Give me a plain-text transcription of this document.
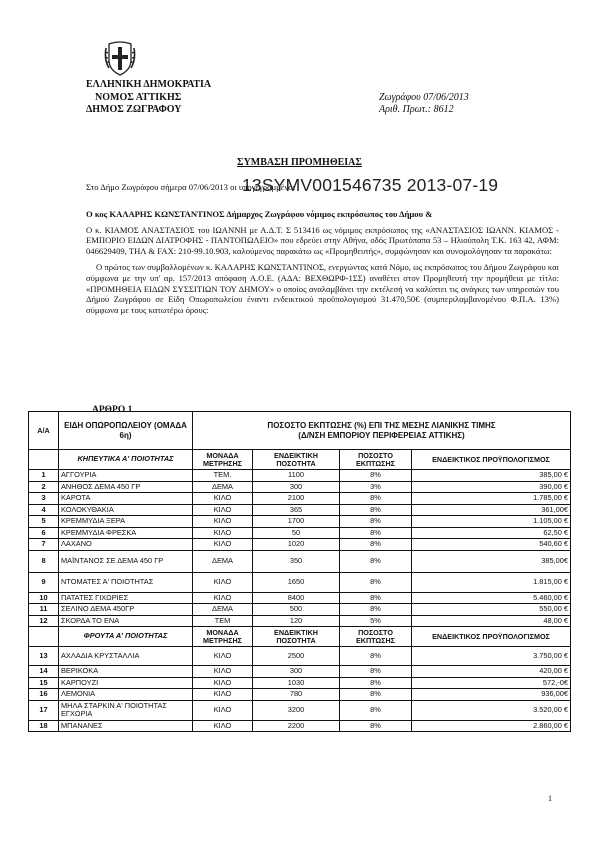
ΕΛΛΗΝΙΚΗ ΔΗΜΟΚΡΑΤΙΑ
ΝΟΜΟΣ ΑΤΤΙΚΗΣ
ΔΗΜΟΣ ΖΩΓΡΑΦΟΥ
Ζωγράφου 07/06/2013
Αριθ. Πρωτ.: 8612
ΣΥΜΒΑΣΗ ΠΡΟΜΗΘΕΙΑΣ

Στο Δήμο Ζωγράφου σήμερα 07/06/2013 οι υπογεγραμμένοι :

Ο κος ΚΑΛΑΡΗΣ ΚΩΝΣΤΑΝΤΙΝΟΣ Δήμαρχος Ζωγράφου νόμιμος εκπρόσωπος του Δήμου &

Ο κ. ΚΙΑΜΟΣ ΑΝΑΣΤΑΣΙΟΣ του ΙΩΑΝΝΗ με Α.Δ.Τ. Σ 513416 ως νόμιμος εκπρόσωπος της «ΑΝΑΣΤΑΣΙΟΣ ΙΩΑΝΝ. ΚΙΑΜΟΣ - ΕΜΠΟΡΙΟ ΕΙΔΩΝ ΔΙΑΤΡΟΦΗΣ - ΠΑΝΤΟΠΩΛΕΙΟ» που εδρεύει στην Αθήνα, οδός Πρωτόπαπα 53 – Ηλιούπολη Τ.Κ. 163 42, ΑΦΜ: 046629409, ΤΗΛ & FAX: 210-99.10.903, καλούμενος παρακάτω ως «Προμηθευτής», συμφώνησαν και συνομολόγησαν τα παρακάτω:

Ο πρώτος των συμβαλλομένων κ. ΚΑΛΑΡΗΣ ΚΩΝΣΤΑΝΤΙΝΟΣ, ενεργώντας κατά Νόμο, ως εκπρόσωπος του Δήμου Ζωγράφου και σύμφωνα με την υπ' αρ. 157/2013 απόφαση Α.Ο.Ε. (ΑΔΑ: ΒΕΧΘΩΡΦ-1ΣΣ) αναθέτει στον Προμηθευτή την προμήθεια με τίτλο: «ΠΡΟΜΗΘΕΙΑ ΕΙΔΩΝ ΣΥΣΣΙΤΙΩΝ ΤΟΥ ΔΗΜΟΥ» ο οποίος αναλαμβάνει την εκτέλεσή να καλύπτει τις ανάγκες των υπηρεσιών του Δήμου Ζωγράφου σε Είδη Οπωροπωλείου έναντι ενδεικτικού προϋπολογισμού 31.470,50€ (συμπεριλαμβανομένου Φ.Π.Α. 13%) σύμφωνα με τους κατωτέρω όρους:

13SYMV001546735 2013-07-19
ΑΡΘΡΟ 1
Α/Α	ΕΙΔΗ ΟΠΩΡΟΠΩΛΕΙΟΥ (ΟΜΑΔΑ 6η)	ΠΟΣΟΣΤΟ ΕΚΠΤΩΣΗΣ (%) ΕΠΙ ΤΗΣ ΜΕΣΗΣ ΛΙΑΝΙΚΗΣ ΤΙΜΗΣ
(Δ/ΝΣΗ ΕΜΠΟΡΙΟΥ ΠΕΡΙΦΕΡΕΙΑΣ ΑΤΤΙΚΗΣ)			

	ΚΗΠΕΥΤΙΚΑ Α' ΠΟΙΟΤΗΤΑΣ	ΜΟΝΑΔΑ ΜΕΤΡΗΣΗΣ	ΕΝΔΕΙΚΤΙΚΗ ΠΟΣΟΤΗΤΑ	ΠΟΣΟΣΤΟ ΕΚΠΤΩΣΗΣ	ΕΝΔΕΙΚΤΙΚΟΣ ΠΡΟΫΠΟΛΟΓΙΣΜΟΣ
1	ΑΓΓΟΥΡΙΑ	ΤΕΜ.	1100	8%	385,00 €
2	ΑΝΗΘΟΣ ΔΕΜΑ 450 ΓΡ	ΔΕΜΑ	300	3%	390,00 €
3	ΚΑΡΟΤΑ	ΚΙΛΟ	2100	8%	1.785,00 €
4	ΚΟΛΟΚΥΘΑΚΙΑ	ΚΙΛΟ	365	8%	361,00€
5	ΚΡΕΜΜΥΔΙΑ ΞΕΡΑ	ΚΙΛΟ	1700	8%	1.105,00 €
6	ΚΡΕΜΜΥΔΙΑ ΦΡΕΣΚΑ	ΚΙΛΟ	50	8%	62,50 €
7	ΛΑΧΑΝΟ	ΚΙΛΟ	1020	8%	540,60 €
8	ΜΑΪΝΤΑΝΟΣ ΣΕ ΔΕΜΑ 450 ΓΡ	ΔΕΜΑ	350	8%	385,00€
9	ΝΤΟΜΑΤΕΣ Α' ΠΟΙΟΤΗΤΑΣ	ΚΙΛΟ	1650	8%	1.815,00 €
10	ΠΑΤΑΤΕΣ ΓΙΧΩΡΙΕΣ	ΚΙΛΟ	8400	8%	5.460,00 €
11	ΣΕΛΙΝΟ ΔΕΜΑ 450ΓΡ	ΔΕΜΑ	500	8%	550,00 €
12	ΣΚΟΡΔΑ ΤΟ ΕΝΑ	ΤΕΜ	120	5%	48,00 €
	ΦΡΟΥΤΑ Α' ΠΟΙΟΤΗΤΑΣ	ΜΟΝΑΔΑ ΜΕΤΡΗΣΗΣ	ΕΝΔΕΙΚΤΙΚΗ ΠΟΣΟΤΗΤΑ	ΠΟΣΟΣΤΟ ΕΚΠΤΩΣΗΣ	ΕΝΔΕΙΚΤΙΚΟΣ ΠΡΟΫΠΟΛΟΓΙΣΜΟΣ
13	ΑΧΛΑΔΙΑ ΚΡΥΣΤΑΛΛΙΑ	ΚΙΛΟ	2500	8%	3.750,00 €
14	ΒΕΡΙΚΟΚΑ	ΚΙΛΟ	300	8%	420,00 €
15	ΚΑΡΠΟΥΖΙ	ΚΙΛΟ	1030	8%	572,-0€
16	ΛΕΜΟΝΙΑ	ΚΙΛΟ	780	8%	936,00€
17	ΜΗΛΑ ΣΤΑΡΚΙΝ Α' ΠΟΙΟΤΗΤΑΣ ΕΓΧΩΡΙΑ	ΚΙΛΟ	3200	8%	3.520,00 €
18	ΜΠΑΝΑΝΕΣ	ΚΙΛΟ	2200	8%	2.860,00 €
1
